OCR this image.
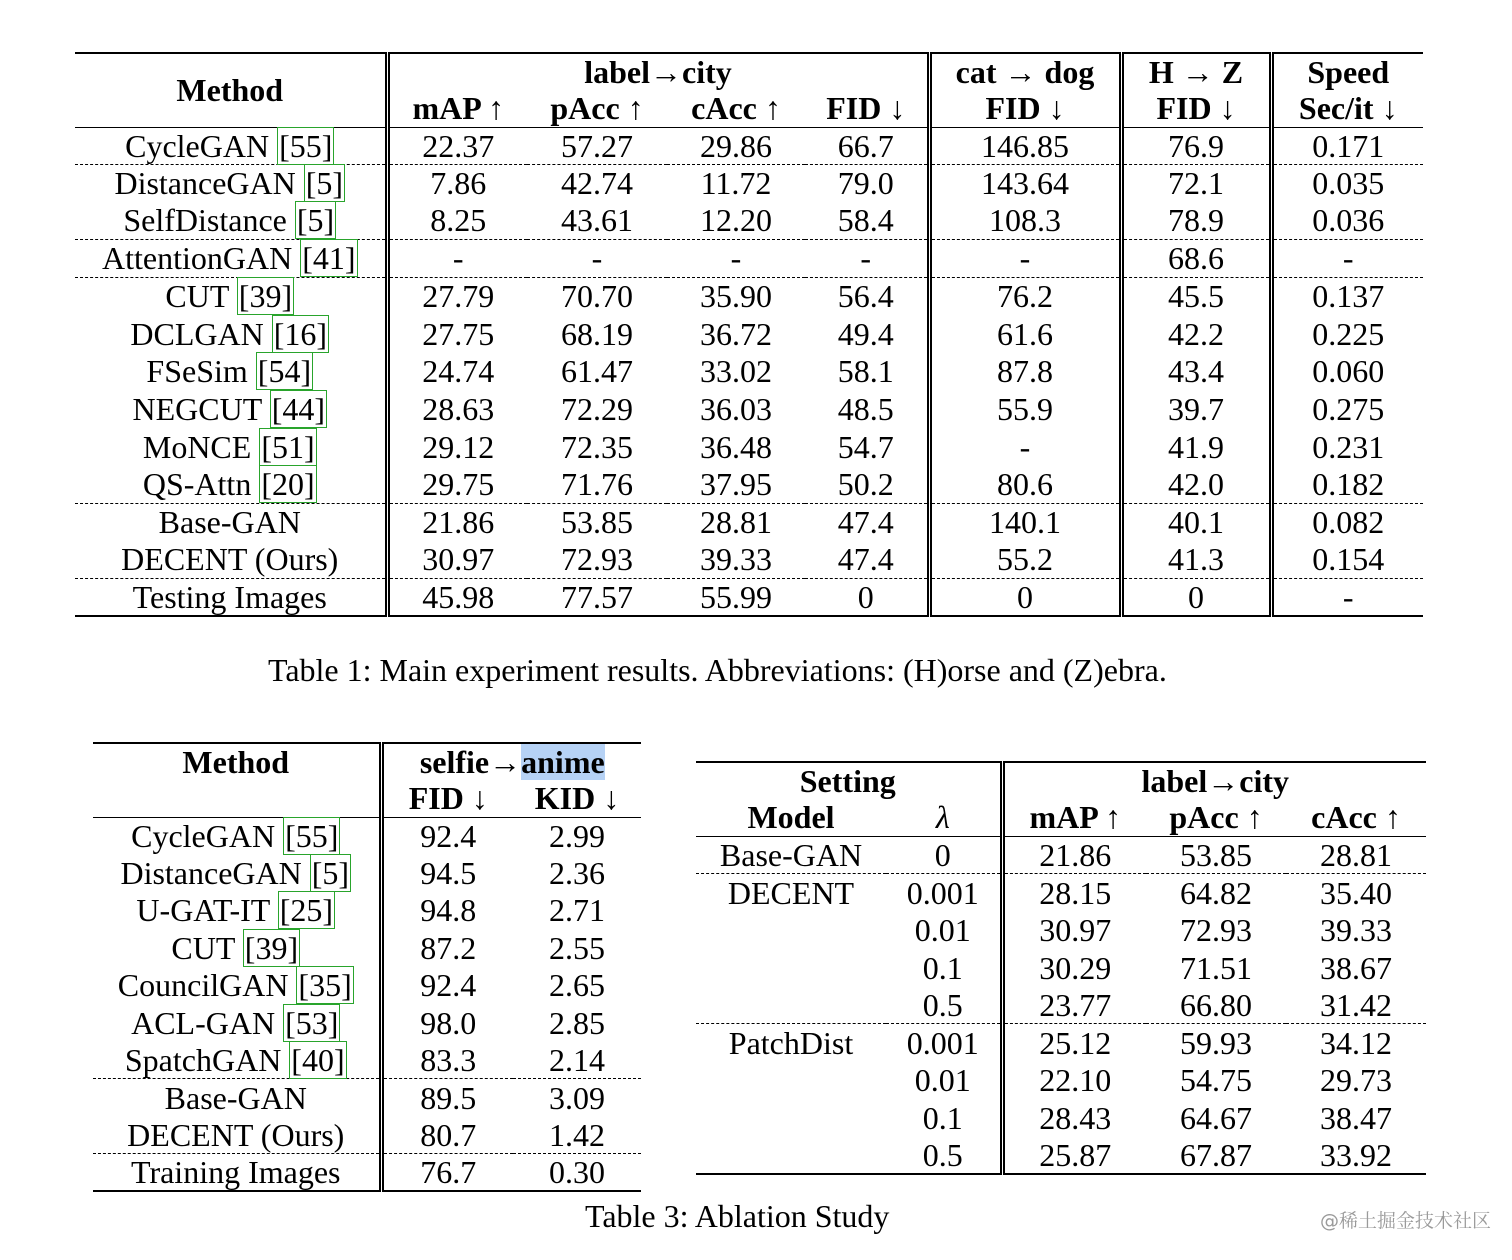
Method	label→city				cat → dog	H → Z	Speed
	mAP ↑	pAcc ↑	cAcc ↑	FID ↓	FID ↓	FID ↓	Sec/it ↓
CycleGAN [55]	22.37	57.27	29.86	66.7	146.85	76.9	0.171
DistanceGAN [5]	7.86	42.74	11.72	79.0	143.64	72.1	0.035
SelfDistance [5]	8.25	43.61	12.20	58.4	108.3	78.9	0.036
AttentionGAN [41]	-	-	-	-	-	68.6	-
CUT [39]	27.79	70.70	35.90	56.4	76.2	45.5	0.137
DCLGAN [16]	27.75	68.19	36.72	49.4	61.6	42.2	0.225
FSeSim [54]	24.74	61.47	33.02	58.1	87.8	43.4	0.060
NEGCUT [44]	28.63	72.29	36.03	48.5	55.9	39.7	0.275
MoNCE [51]	29.12	72.35	36.48	54.7	-	41.9	0.231
QS-Attn [20]	29.75	71.76	37.95	50.2	80.6	42.0	0.182
Base-GAN	21.86	53.85	28.81	47.4	140.1	40.1	0.082
DECENT (Ours)	30.97	72.93	39.33	47.4	55.2	41.3	0.154
Testing Images	45.98	77.57	55.99	0	0	0	-
Table 1: Main experiment results. Abbreviations: (H)orse and (Z)ebra.
Method	selfie→anime	
	FID ↓	KID ↓
CycleGAN [55]	92.4	2.99
DistanceGAN [5]	94.5	2.36
U-GAT-IT [25]	94.8	2.71
CUT [39]	87.2	2.55
CouncilGAN [35]	92.4	2.65
ACL-GAN [53]	98.0	2.85
SpatchGAN [40]	83.3	2.14
Base-GAN	89.5	3.09
DECENT (Ours)	80.7	1.42
Training Images	76.7	0.30
Setting		label→city		
Model	λ	mAP ↑	pAcc ↑	cAcc ↑
Base-GAN	0	21.86	53.85	28.81
DECENT	0.001	28.15	64.82	35.40
	0.01	30.97	72.93	39.33
	0.1	30.29	71.51	38.67
	0.5	23.77	66.80	31.42
PatchDist	0.001	25.12	59.93	34.12
	0.01	22.10	54.75	29.73
	0.1	28.43	64.67	38.47
	0.5	25.87	67.87	33.92
Table 3: Ablation Study	@稀土掘金技术社区
